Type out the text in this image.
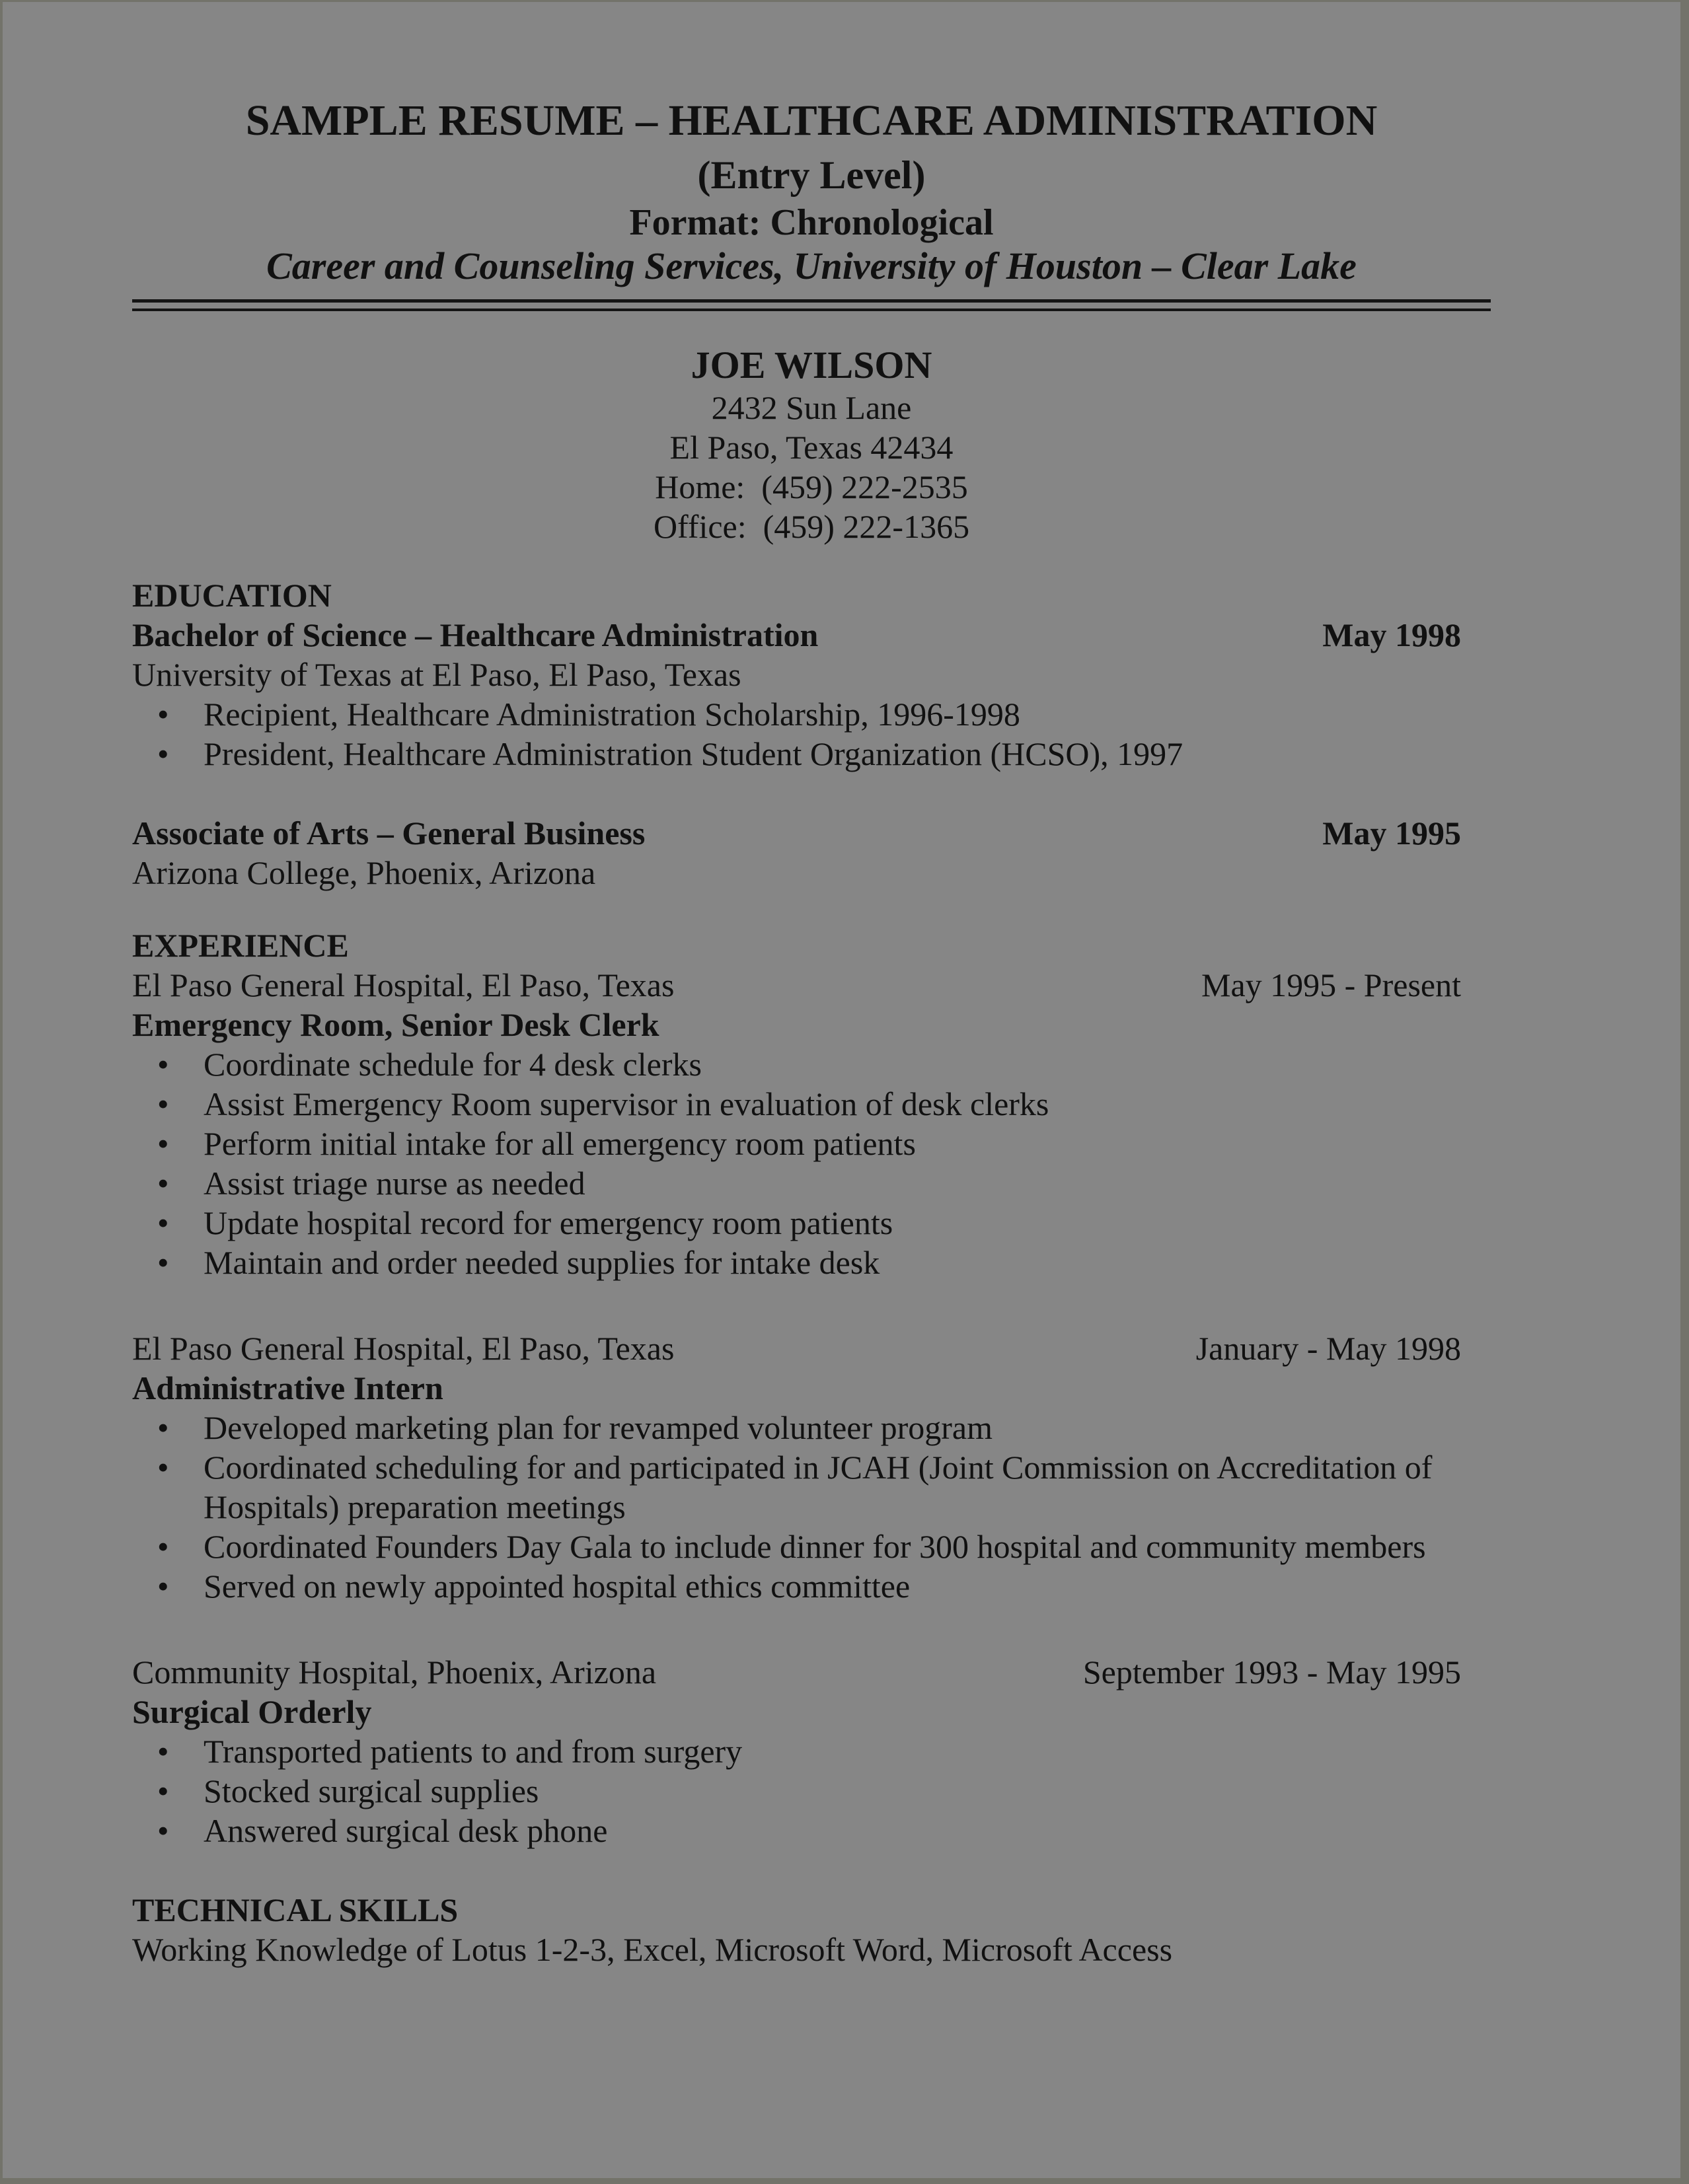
SAMPLE RESUME – HEALTHCARE ADMINISTRATION
(Entry Level)
Format: Chronological
Career and Counseling Services, University of Houston – Clear Lake
JOE WILSON
2432 Sun Lane
El Paso, Texas 42434
Home:  (459) 222-2535
Office:  (459) 222-1365
EDUCATION
Bachelor of Science – Healthcare Administration	May 1998
University of Texas at El Paso, El Paso, Texas
• Recipient, Healthcare Administration Scholarship, 1996-1998
• President, Healthcare Administration Student Organization (HCSO), 1997
Associate of Arts – General Business	May 1995
Arizona College, Phoenix, Arizona
EXPERIENCE
El Paso General Hospital, El Paso, Texas	May 1995 - Present
Emergency Room, Senior Desk Clerk
• Coordinate schedule for 4 desk clerks
• Assist Emergency Room supervisor in evaluation of desk clerks
• Perform initial intake for all emergency room patients
• Assist triage nurse as needed
• Update hospital record for emergency room patients
• Maintain and order needed supplies for intake desk
El Paso General Hospital, El Paso, Texas	January - May 1998
Administrative Intern
• Developed marketing plan for revamped volunteer program
• Coordinated scheduling for and participated in JCAH (Joint Commission on Accreditation of Hospitals) preparation meetings
• Coordinated Founders Day Gala to include dinner for 300 hospital and community members
• Served on newly appointed hospital ethics committee
Community Hospital, Phoenix, Arizona	September 1993 - May 1995
Surgical Orderly
• Transported patients to and from surgery
• Stocked surgical supplies
• Answered surgical desk phone
TECHNICAL SKILLS
Working Knowledge of Lotus 1-2-3, Excel, Microsoft Word, Microsoft Access
